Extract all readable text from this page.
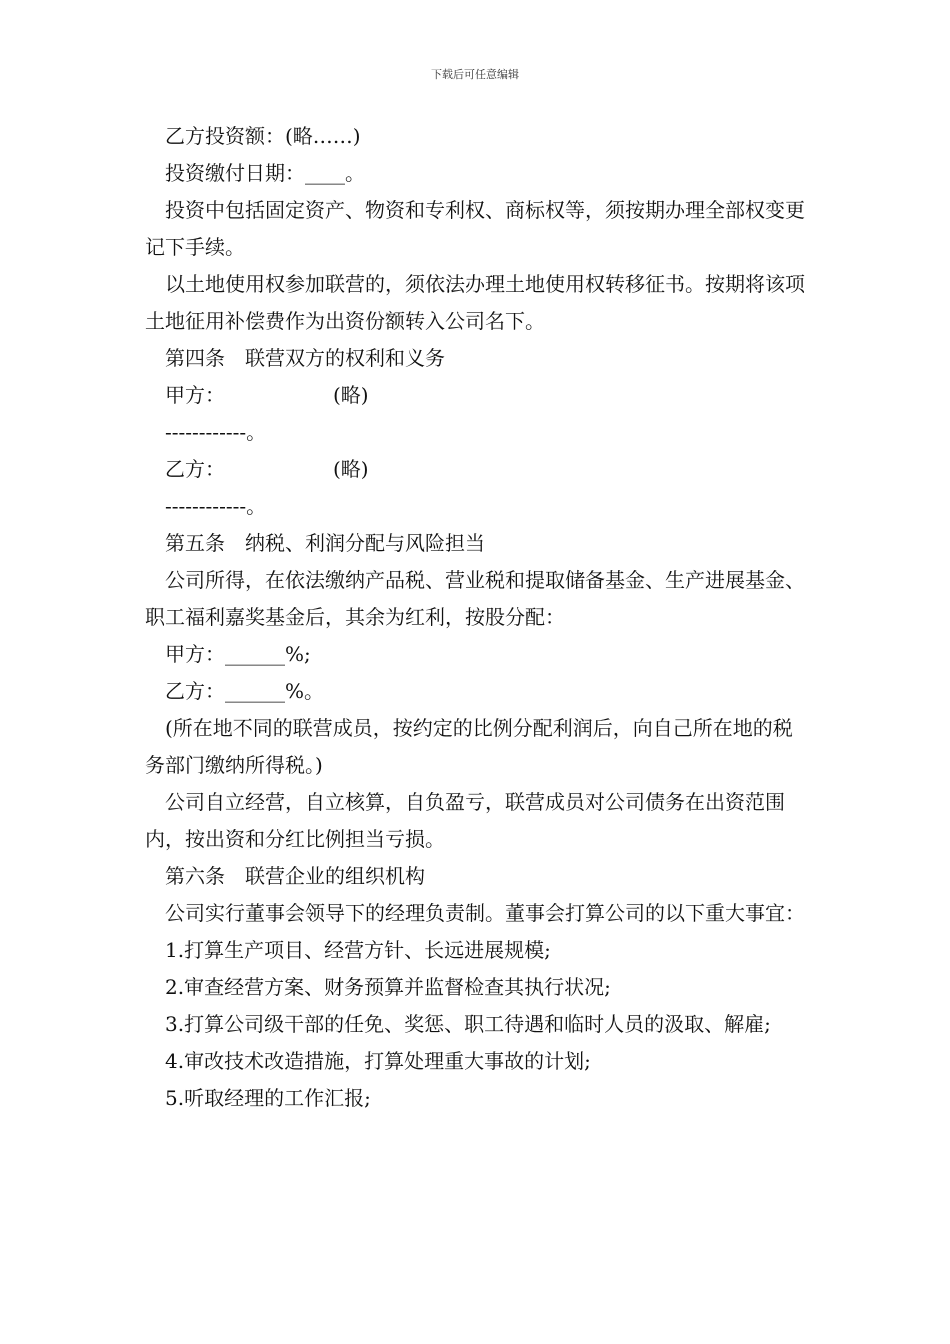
下载后可任意编辑

乙方投资额：(略……)

投资缴付日期：____。

投资中包括固定资产、物资和专利权、商标权等，须按期办理全部权变更记下手续。

以土地使用权参加联营的，须依法办理土地使用权转移征书。按期将该项土地征用补偿费作为出资份额转入公司名下。

第四条　联营双方的权利和义务

甲方：	(略)

------------。

乙方：	(略)

------------。

第五条　纳税、利润分配与风险担当

公司所得，在依法缴纳产品税、营业税和提取储备基金、生产进展基金、职工福利嘉奖基金后，其余为红利，按股分配：

甲方：______%;

乙方：______%。

(所在地不同的联营成员，按约定的比例分配利润后，向自己所在地的税务部门缴纳所得税。)

公司自立经营，自立核算，自负盈亏，联营成员对公司债务在出资范围内，按出资和分红比例担当亏损。

第六条　联营企业的组织机构

公司实行董事会领导下的经理负责制。董事会打算公司的以下重大事宜：

1.打算生产项目、经营方针、长远进展规模;

2.审查经营方案、财务预算并监督检查其执行状况;

3.打算公司级干部的任免、奖惩、职工待遇和临时人员的汲取、解雇;

4.审改技术改造措施，打算处理重大事故的计划;

5.听取经理的工作汇报;
